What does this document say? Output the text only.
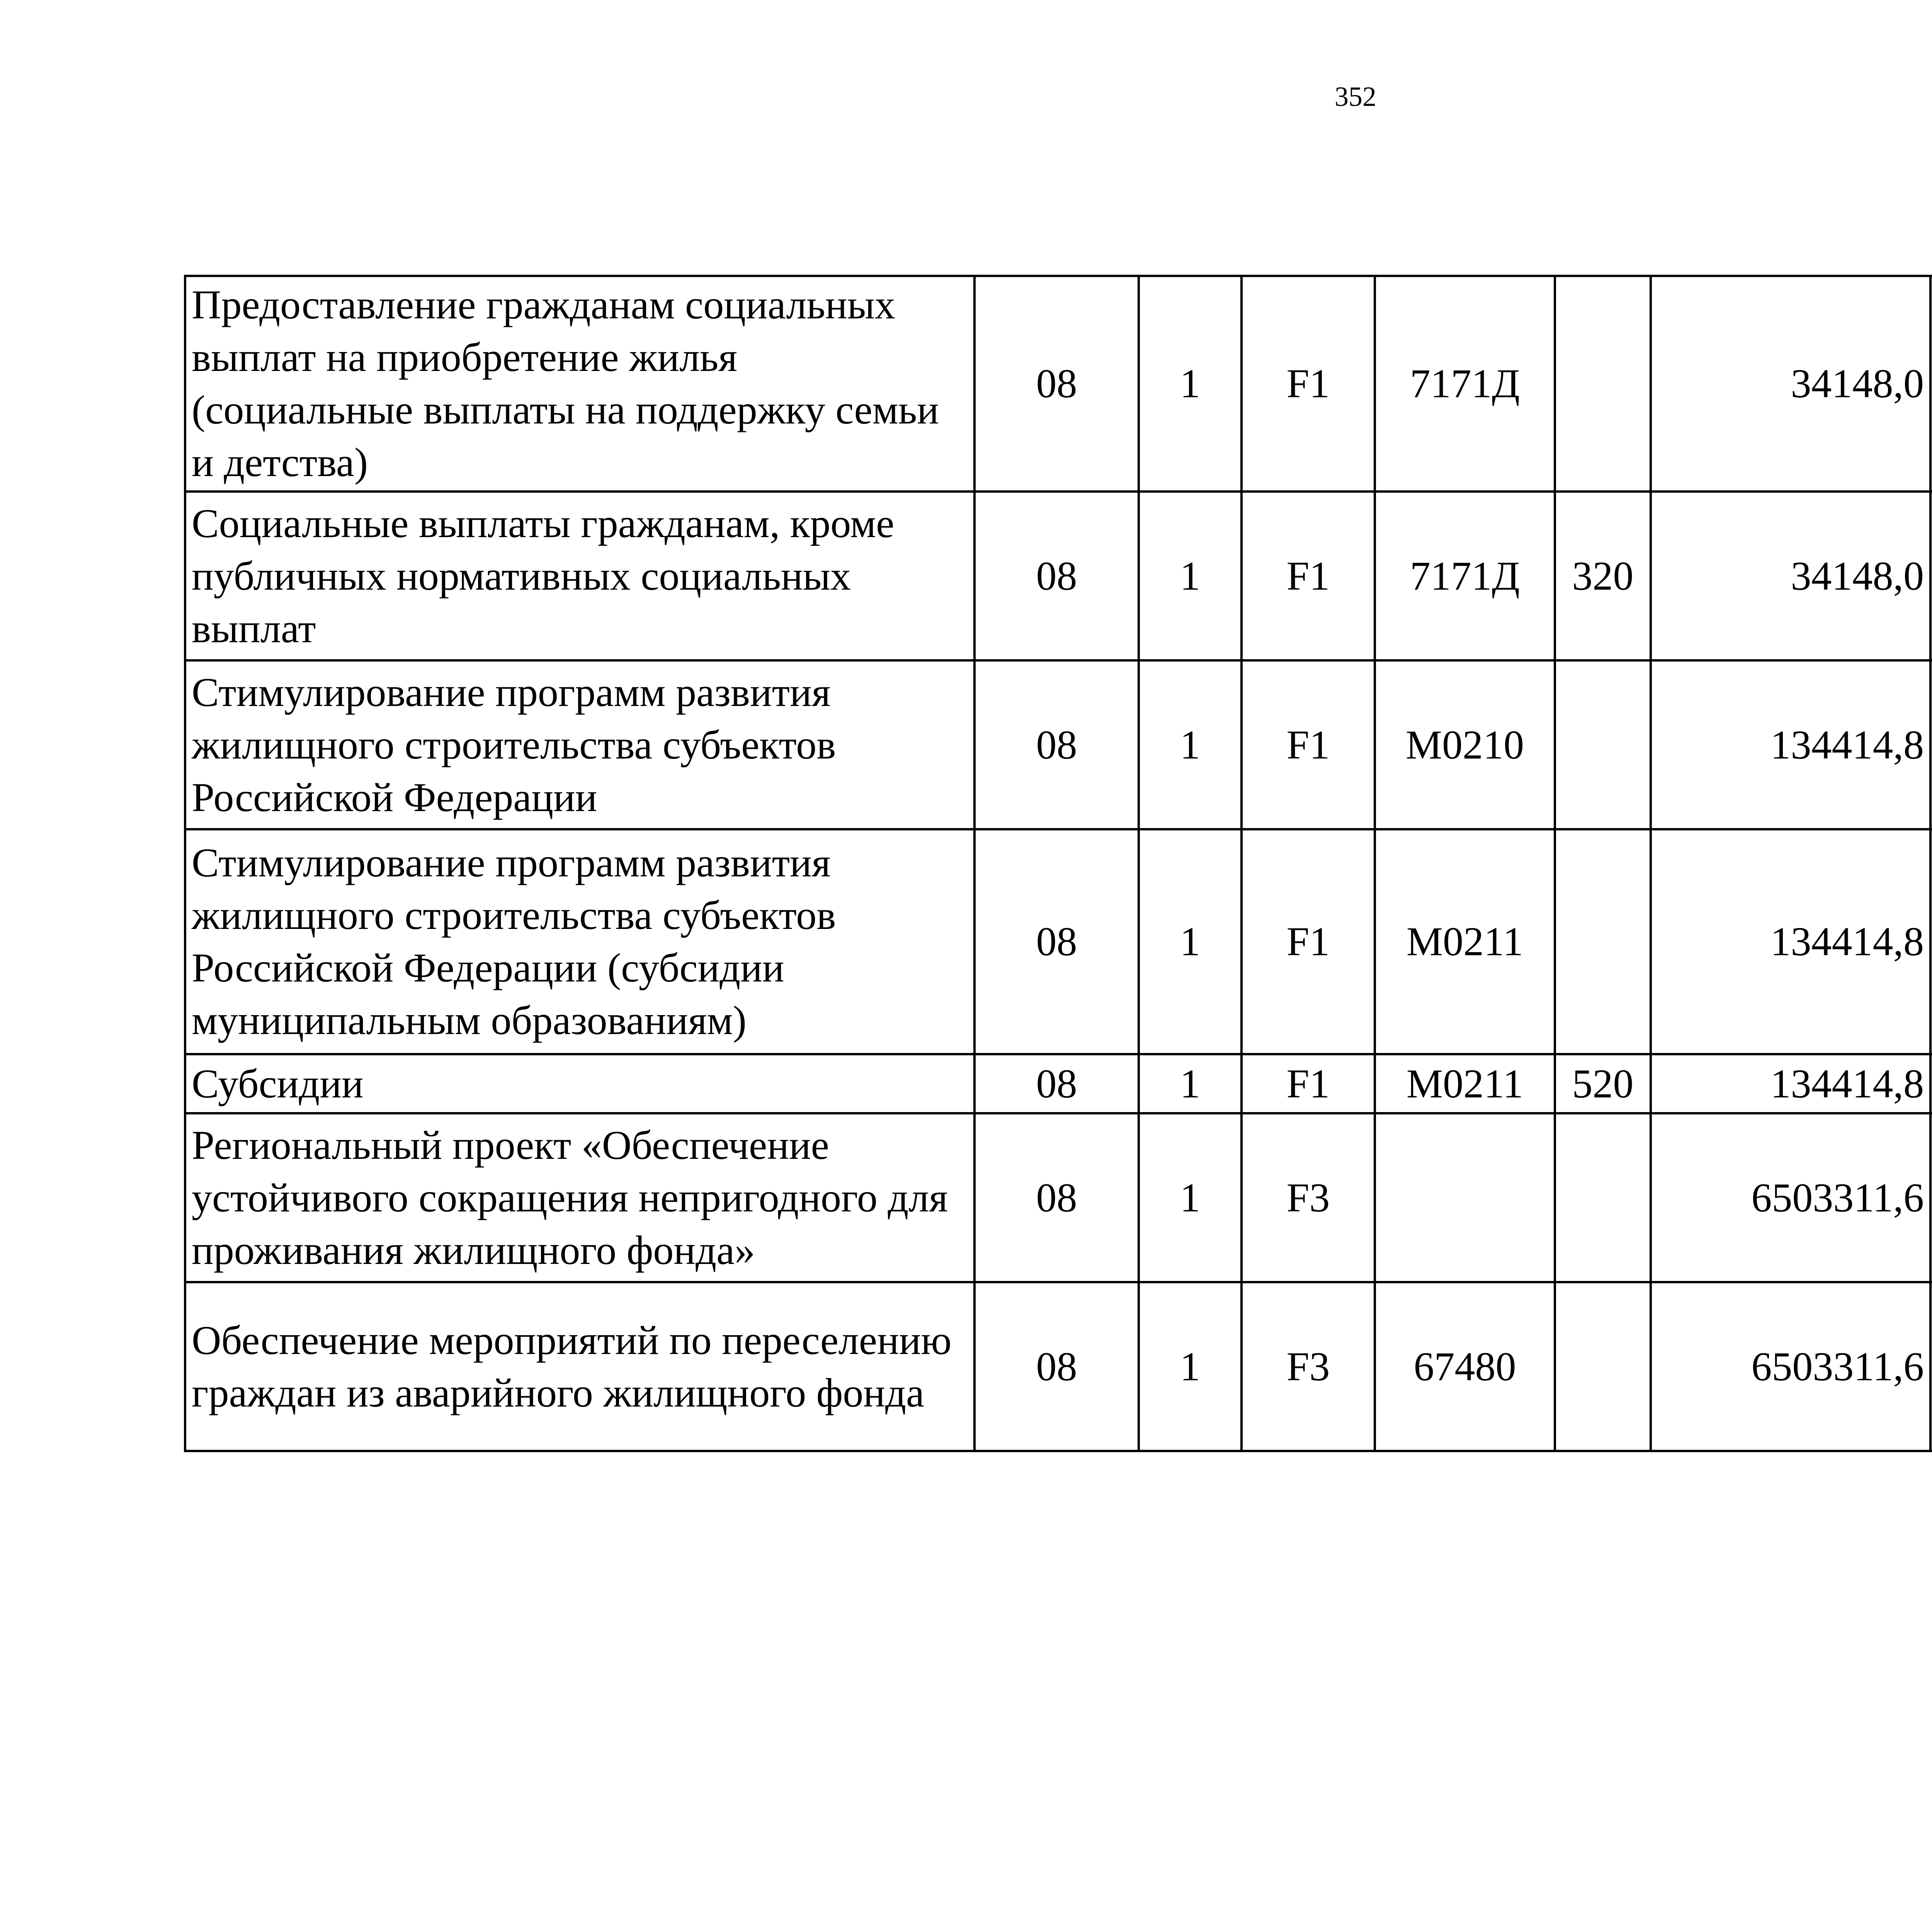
352
Предоставление гражданам социальных выплат на приобретение жилья (социальные выплаты на поддержку семьи и детства)	08	1	F1	7171Д		34148,0		
Социальные выплаты гражданам, кроме публичных нормативных социальных выплат	08	1	F1	7171Д	320	34148,0		
Стимулирование программ развития жилищного строительства субъектов Российской Федерации	08	1	F1	М0210		134414,8		
Стимулирование программ развития жилищного строительства субъектов Российской Федерации (субсидии муниципальным образованиям)	08	1	F1	М0211		134414,8		
Субсидии	08	1	F1	М0211	520	134414,8		
Региональный проект «Обеспечение устойчивого сокращения непригодного для проживания жилищного фонда»	08	1	F3			6503311,6		
Обеспечение мероприятий по переселению граждан из аварийного жилищного фонда	08	1	F3	67480		6503311,6		
